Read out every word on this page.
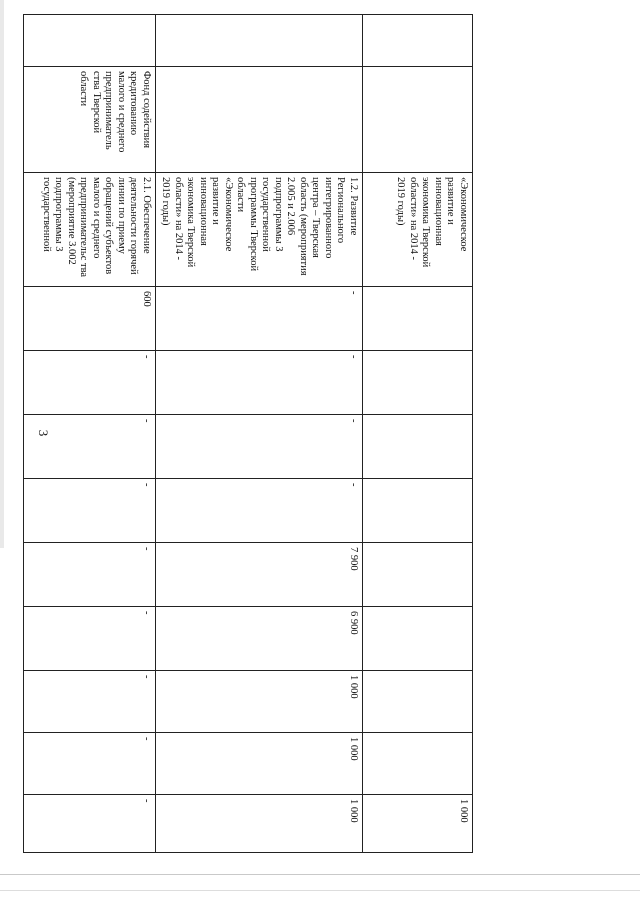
3
		«Экономическое развитие и инновационная экономика Тверской области» на 2014 - 2019 годы)									1 000
		1.2. Развитие Регионального интегрированного центра – Тверская область (мероприятия 2.005 и 2.006 подпрограммы 3 государственной программы Тверской области «Экономическое развитие и инновационная экономика Тверской области» на 2014 - 2019 годы)	-	-	-	-	7 900	6 900	1 000	1 000	1 000
	Фонд содействия кредитованию малого и среднего предприниматель ства Тверской области	2.1. Обеспечение деятельности горячей линии по приему обращений субъектов малого и среднего предпринимательс тва (мероприятие 3.002 подпрограммы 3 государственной	600	-	-	-	-	-	-	-	-
